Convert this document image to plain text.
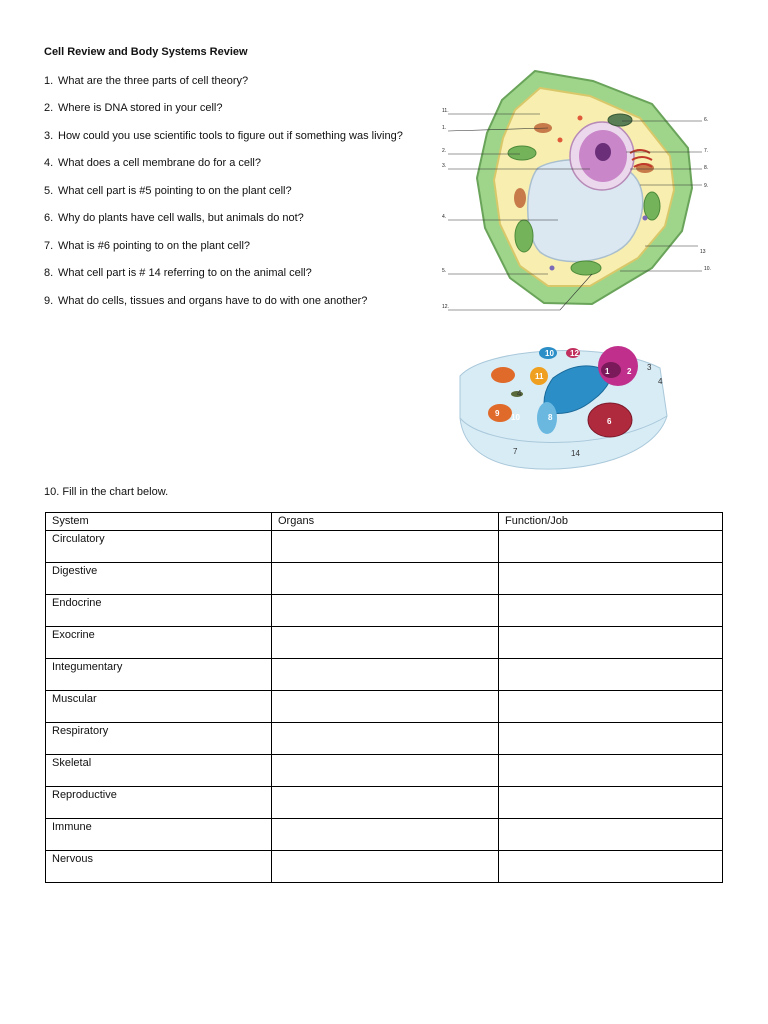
Cell Review and Body Systems Review
1. What are the three parts of cell theory?
2. Where is DNA stored in your cell?
3. How could you use scientific tools to figure out if something was living?
4. What does a cell membrane do for a cell?
5. What cell part is #5 pointing to on the plant cell?
6. Why do plants have cell walls, but animals do not?
7. What is #6 pointing to on the plant cell?
8. What cell part is # 14 referring to on the animal cell?
9. What do cells, tissues and organs have to do with one another?
11.
1.
2.
3.
4.
5.
12.
6.
7.
8.
9.
13
10.
10 12
1 2
11
8
9 10	6
3
4
4
7	14
10. Fill in the chart below.
System	Organs	Function/Job
Circulatory		
Digestive		
Endocrine		
Exocrine		
Integumentary		
Muscular		
Respiratory		
Skeletal		
Reproductive		
Immune		
Nervous		
